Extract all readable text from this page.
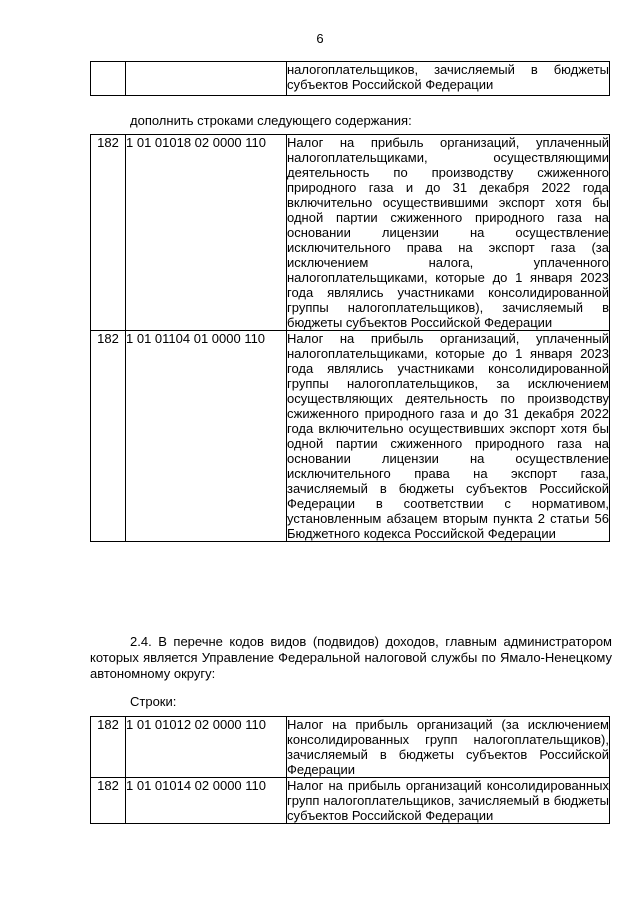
6
		налогоплательщиков, зачисляемый в бюджеты субъектов Российской Федерации
дополнить строками следующего содержания:
182	1 01 01018 02 0000 110	Налог на прибыль организаций, уплаченный налогоплательщиками, осуществляющими деятельность по производству сжиженного природного газа и до 31 декабря 2022 года включительно осуществившими экспорт хотя бы одной партии сжиженного природного газа на основании лицензии на осуществление исключительного права на экспорт газа (за исключением налога, уплаченного налогоплательщиками, которые до 1 января 2023 года являлись участниками консолидированной группы налогоплательщиков), зачисляемый в бюджеты субъектов Российской Федерации
182	1 01 01104 01 0000 110	Налог на прибыль организаций, уплаченный налогоплательщиками, которые до 1 января 2023 года являлись участниками консолидированной группы налогоплательщиков, за исключением осуществляющих деятельность по производству сжиженного природного газа и до 31 декабря 2022 года включительно осуществивших экспорт хотя бы одной партии сжиженного природного газа на основании лицензии на осуществление исключительного права на экспорт газа, зачисляемый в бюджеты субъектов Российской Федерации в соответствии с нормативом, установленным абзацем вторым пункта 2 статьи 56 Бюджетного кодекса Российской Федерации
2.4. В перечне кодов видов (подвидов) доходов, главным администратором которых является Управление Федеральной налоговой службы по Ямало-Ненецкому автономному округу:
Строки:
182	1 01 01012 02 0000 110	Налог на прибыль организаций (за исключением консолидированных групп налогоплательщиков), зачисляемый в бюджеты субъектов Российской Федерации
182	1 01 01014 02 0000 110	Налог на прибыль организаций консолидированных групп налогоплательщиков, зачисляемый в бюджеты субъектов Российской Федерации
